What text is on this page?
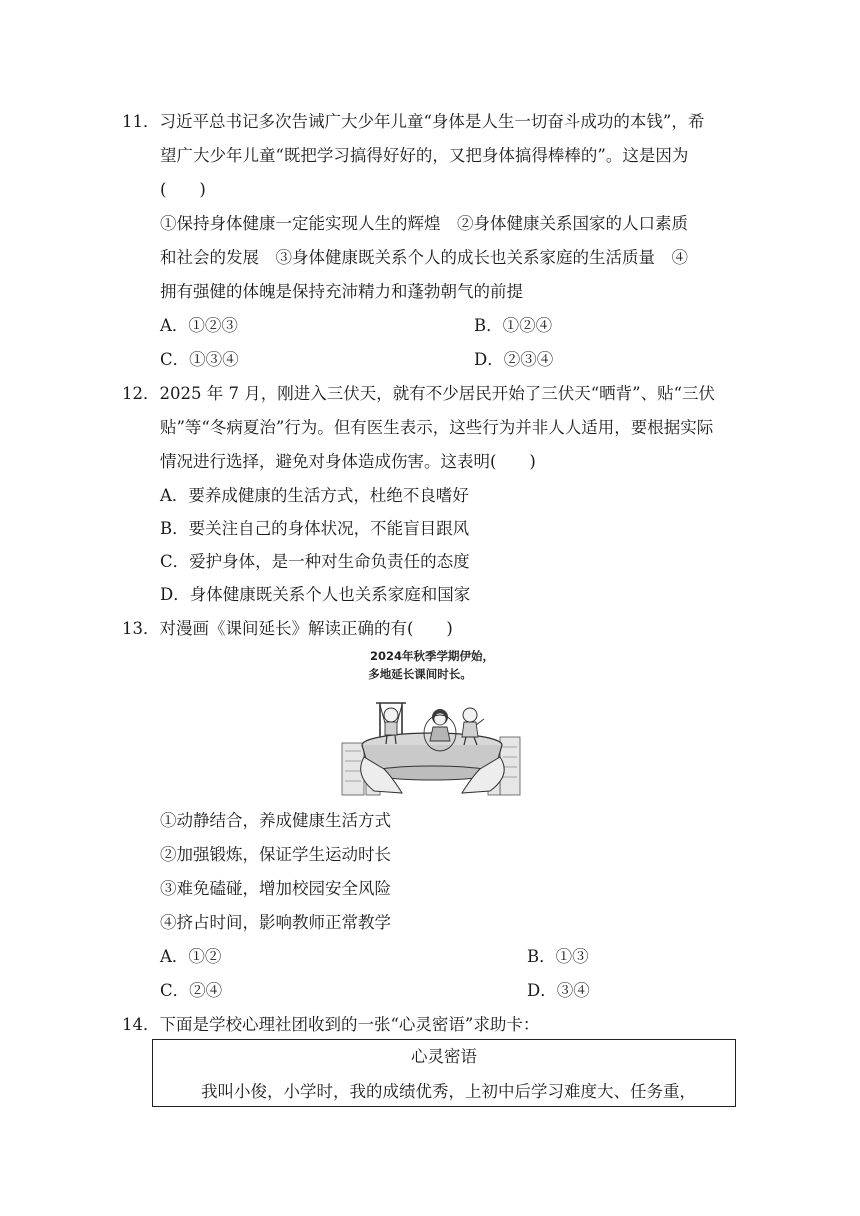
11．习近平总书记多次告诫广大少年儿童“身体是人生一切奋斗成功的本钱”，希
望广大少年儿童“既把学习搞得好好的，又把身体搞得棒棒的”。这是因为
(　　)
①保持身体健康一定能实现人生的辉煌　②身体健康关系国家的人口素质
和社会的发展　③身体健康既关系个人的成长也关系家庭的生活质量　④
拥有强健的体魄是保持充沛精力和蓬勃朝气的前提
A．①②③	B．①②④
C．①③④	D．②③④
12．2025 年 7 月，刚进入三伏天，就有不少居民开始了三伏天“晒背”、贴“三伏
贴”等“冬病夏治”行为。但有医生表示，这些行为并非人人适用，要根据实际
情况进行选择，避免对身体造成伤害。这表明(　　)
A．要养成健康的生活方式，杜绝不良嗜好
B．要关注自己的身体状况，不能盲目跟风
C．爱护身体，是一种对生命负责任的态度
D．身体健康既关系个人也关系家庭和国家
13．对漫画《课间延长》解读正确的有(　　)
2024年秋季学期伊始，
多地延长课间时长。
①动静结合，养成健康生活方式
②加强锻炼，保证学生运动时长
③难免磕碰，增加校园安全风险
④挤占时间，影响教师正常教学
A．①②	B．①③
C．②④	D．③④
14．下面是学校心理社团收到的一张“心灵密语”求助卡：
心灵密语
我叫小俊，小学时，我的成绩优秀，上初中后学习难度大、任务重，
